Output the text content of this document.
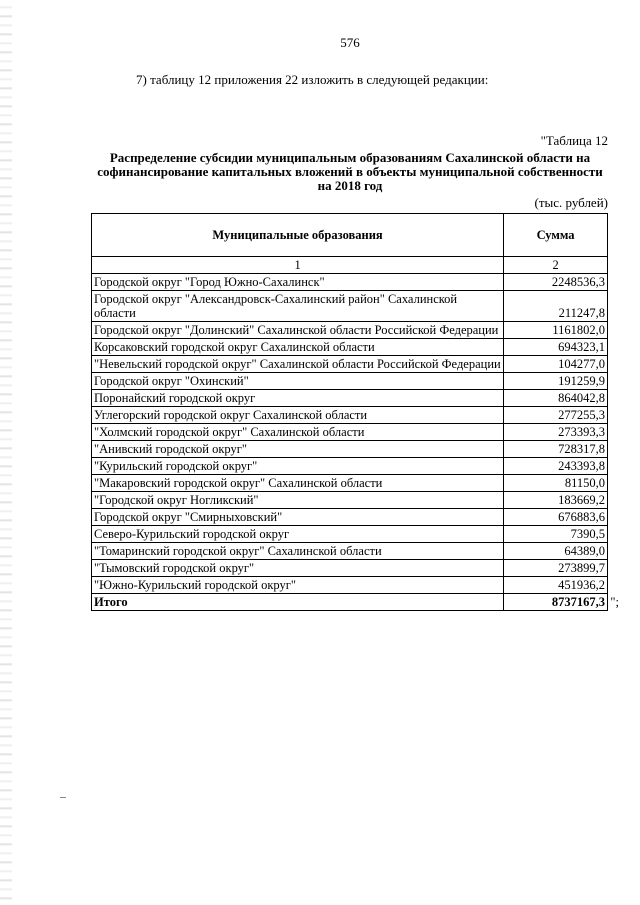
576
7) таблицу 12 приложения 22 изложить в следующей редакции:
"Таблица 12
Распределение субсидии муниципальным образованиям Сахалинской области на
софинансирование капитальных вложений в объекты муниципальной собственности
на 2018 год
(тыс. рублей)
Муниципальные образования	Сумма
1	2
Городской округ "Город Южно-Сахалинск"	2248536,3
Городской округ "Александровск-Сахалинский район" Сахалинской области	211247,8
Городской округ "Долинский" Сахалинской области Российской Федерации	1161802,0
Корсаковский городской округ Сахалинской области	694323,1
"Невельский городской округ" Сахалинской области Российской Федерации	104277,0
Городской округ "Охинский"	191259,9
Поронайский городской округ	864042,8
Углегорский городской округ Сахалинской области	277255,3
"Холмский городской округ" Сахалинской области	273393,3
"Анивский городской округ"	728317,8
"Курильский городской округ"	243393,8
"Макаровский городской округ" Сахалинской области	81150,0
"Городской округ Ногликский"	183669,2
Городской округ "Смирныховский"	676883,6
Северо-Курильский городской округ	7390,5
"Томаринский городской округ" Сахалинской области	64389,0
"Тымовский городской округ"	273899,7
"Южно-Курильский городской округ"	451936,2
Итого	8737167,3 ";
